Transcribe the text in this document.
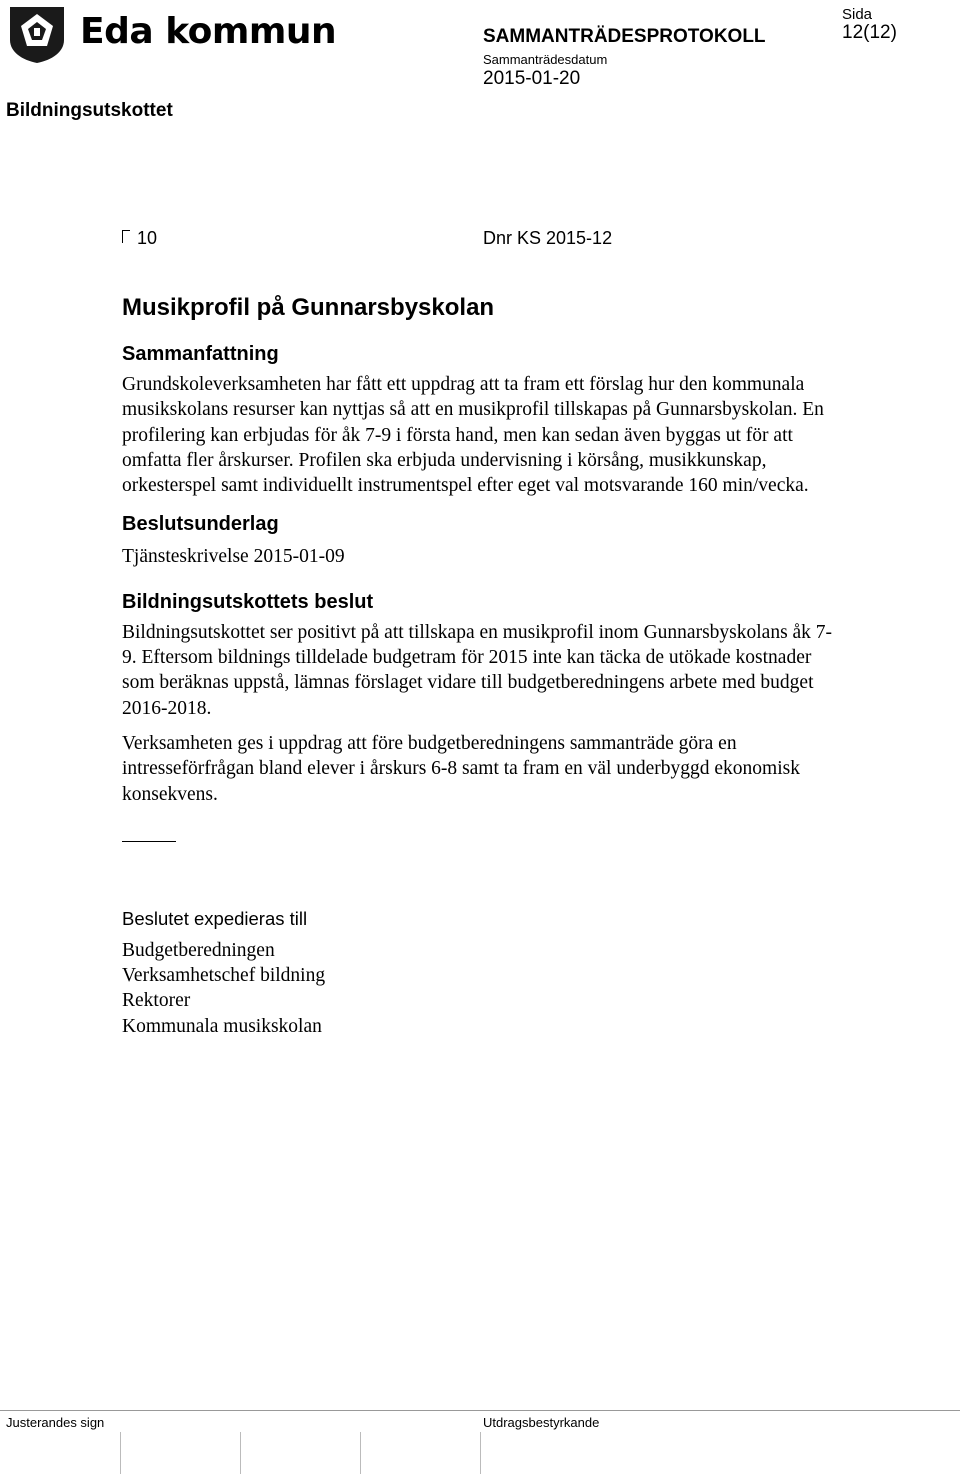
Eda kommun	SAMMANTRÄDESPROTOKOLL
Sammanträdesdatum
2015-01-20
Sida
12(12)
Bildningsutskottet
10	Dnr KS 2015-12
Musikprofil på Gunnarsbyskolan
Sammanfattning

Grundskoleverksamheten har fått ett uppdrag att ta fram ett förslag hur den kommunala musikskolans resurser kan nyttjas så att en musikprofil tillskapas på Gunnarsbyskolan. En profilering kan erbjudas för åk 7-9 i första hand, men kan sedan även byggas ut för att omfatta fler årskurser. Profilen ska erbjuda undervisning i körsång, musikkunskap, orkesterspel samt individuellt instrumentspel efter eget val motsvarande 160 min/vecka.

Beslutsunderlag

Tjänsteskrivelse 2015-01-09

Bildningsutskottets beslut

Bildningsutskottet ser positivt på att tillskapa en musikprofil inom Gunnarsbyskolans åk 7-9. Eftersom bildnings tilldelade budgetram för 2015 inte kan täcka de utökade kostnader som beräknas uppstå, lämnas förslaget vidare till budgetberedningens arbete med budget 2016-2018.

Verksamheten ges i uppdrag att före budgetberedningens sammanträde göra en intresseförfrågan bland elever i årskurs 6-8 samt ta fram en väl underbyggd ekonomisk konsekvens.

Beslutet expedieras till
Budgetberedningen
Verksamhetschef bildning
Rektorer
Kommunala musikskolan
Justerandes sign	Utdragsbestyrkande
